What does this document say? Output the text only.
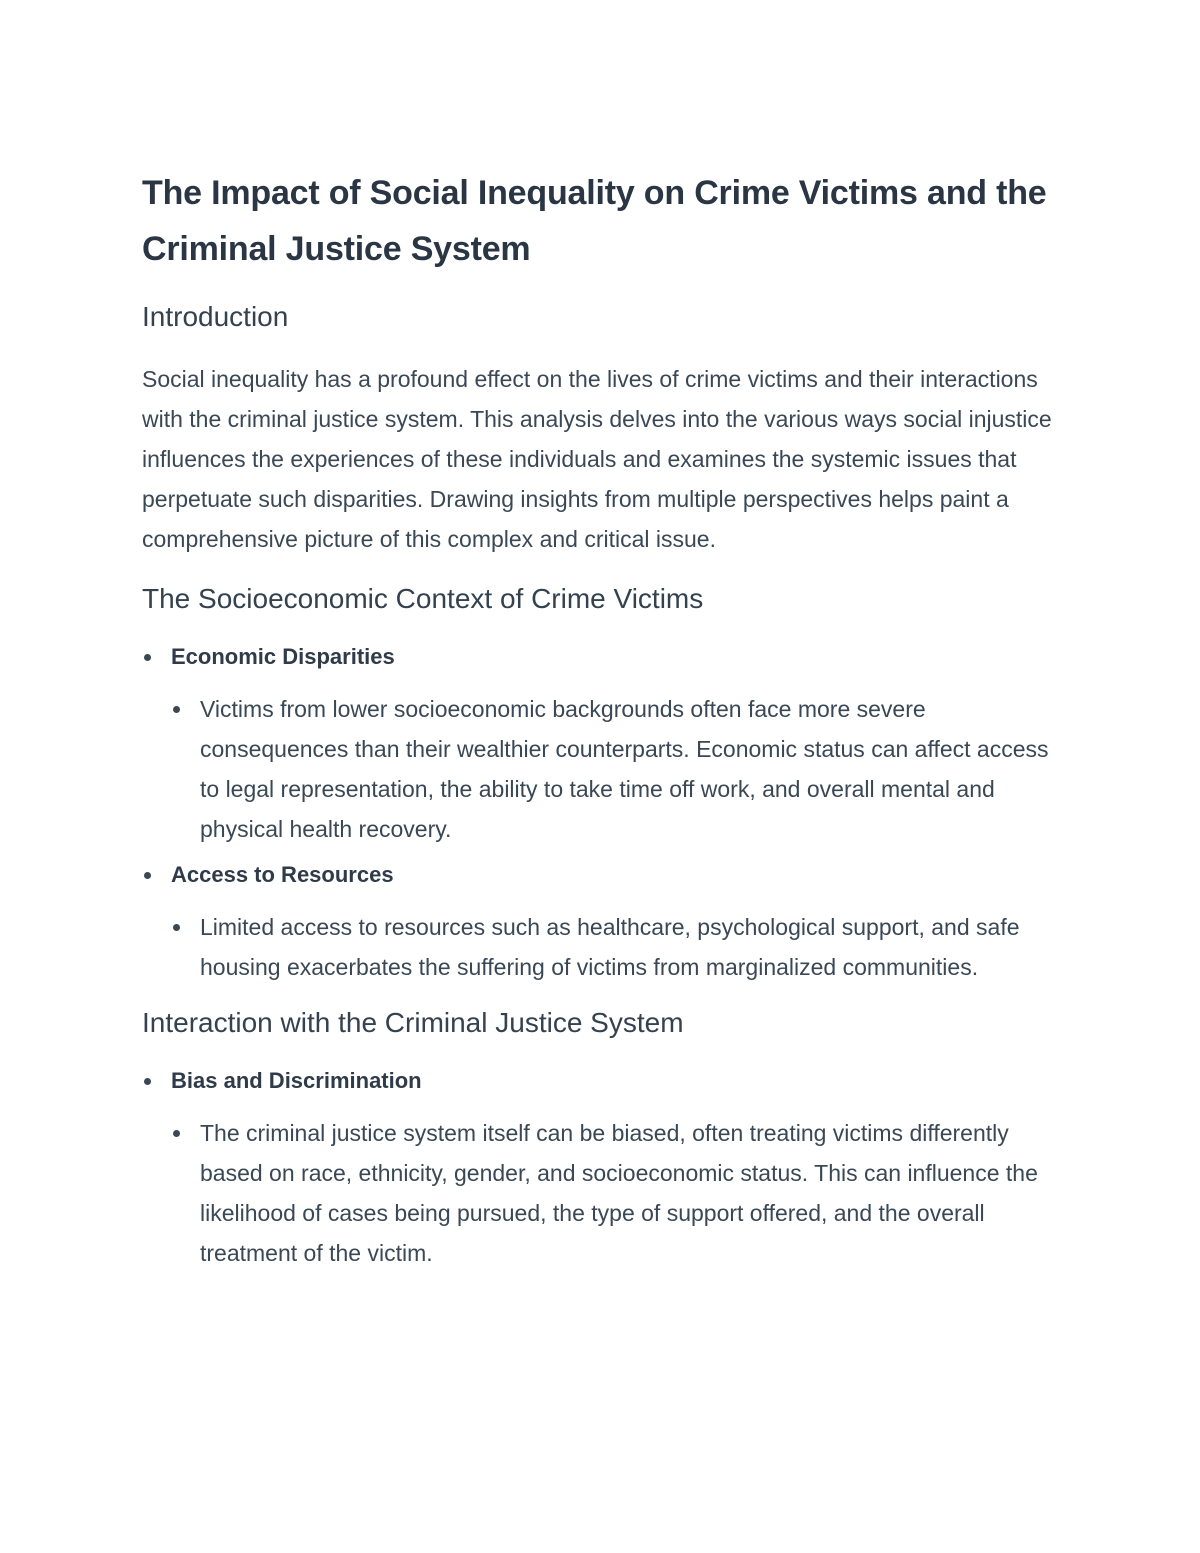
The Impact of Social Inequality on Crime Victims and the Criminal Justice System
Introduction

Social inequality has a profound effect on the lives of crime victims and their interactions with the criminal justice system. This analysis delves into the various ways social injustice influences the experiences of these individuals and examines the systemic issues that perpetuate such disparities. Drawing insights from multiple perspectives helps paint a comprehensive picture of this complex and critical issue.

The Socioeconomic Context of Crime Victims
Economic Disparities
Victims from lower socioeconomic backgrounds often face more severe consequences than their wealthier counterparts. Economic status can affect access to legal representation, the ability to take time off work, and overall mental and physical health recovery.
Access to Resources
Limited access to resources such as healthcare, psychological support, and safe housing exacerbates the suffering of victims from marginalized communities.
Interaction with the Criminal Justice System
Bias and Discrimination
The criminal justice system itself can be biased, often treating victims differently based on race, ethnicity, gender, and socioeconomic status. This can influence the likelihood of cases being pursued, the type of support offered, and the overall treatment of the victim.
